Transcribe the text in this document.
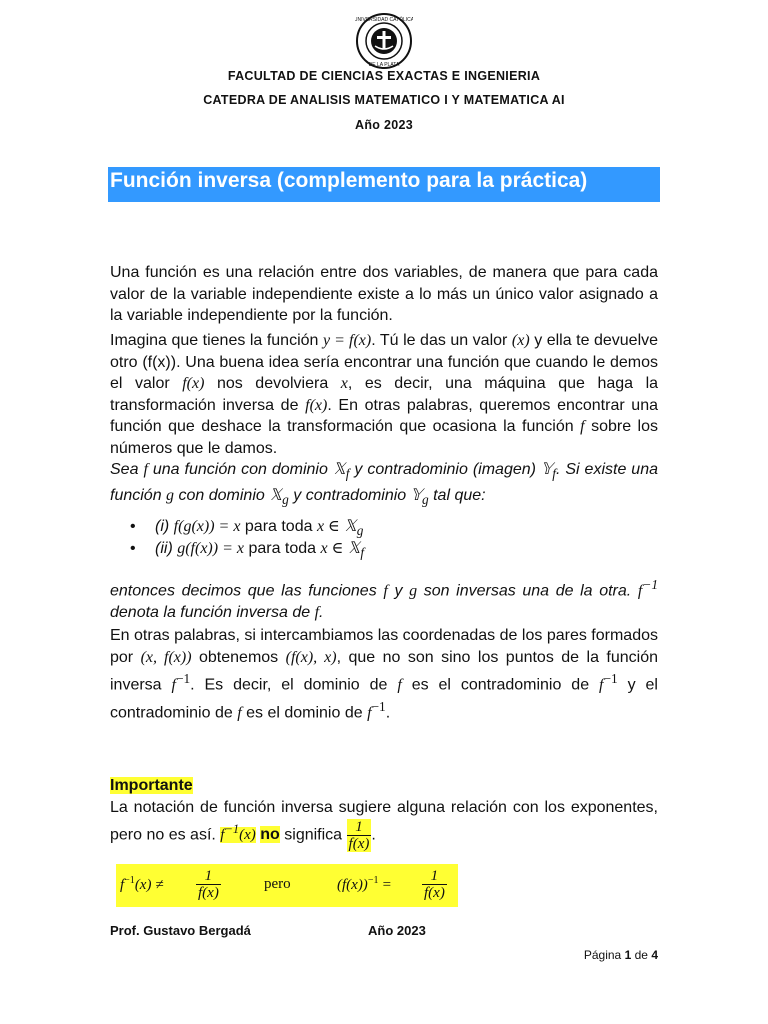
UNIVERSIDAD CATÓLICA
DE LA PLATA
FACULTAD DE CIENCIAS EXACTAS E INGENIERIA
CATEDRA DE ANALISIS MATEMATICO I Y MATEMATICA AI
Año 2023
Función inversa (complemento para la práctica)
Una función es una relación entre dos variables, de manera que para cada valor de la variable independiente existe a lo más un único valor asignado a la variable independiente por la función.
Imagina que tienes la función y = f(x). Tú le das un valor (x) y ella te devuelve otro (f(x)). Una buena idea sería encontrar una función que cuando le demos el valor f(x) nos devolviera x, es decir, una máquina que haga la transformación inversa de f(x). En otras palabras, queremos encontrar una función que deshace la transformación que ocasiona la función f sobre los números que le damos.
Sea f una función con dominio 𝕏$_f$ y contradominio (imagen) 𝕐$_f$. Si existe una función g con dominio 𝕏$_g$ y contradominio 𝕐$_g$ tal que:
• (i) f(g(x)) = x para toda x ∈ 𝕏$_g$
• (ii) g(f(x)) = x para toda x ∈ 𝕏$_f$
entonces decimos que las funciones f y g son inversas una de la otra. $f^{-1}$ denota la función inversa de f.
En otras palabras, si intercambiamos las coordenadas de los pares formados por (x, f(x)) obtenemos (f(x), x), que no son sino los puntos de la función inversa $f^{-1}$. Es decir, el dominio de f es el contradominio de $f^{-1}$ y el contradominio de f es el dominio de $f^{-1}$.
Importante
La notación de función inversa sugiere alguna relación con los exponentes, pero no es así. $f^{-1}(x)$ no significa $\frac{1}{f(x)}$ .
$f^{-1}(x) \ne \frac{1}{f(x)}$	pero	$(f(x))^{-1} = \frac{1}{f(x)}$
Prof. Gustavo Bergadá	Año 2023
Página 1 de 4
